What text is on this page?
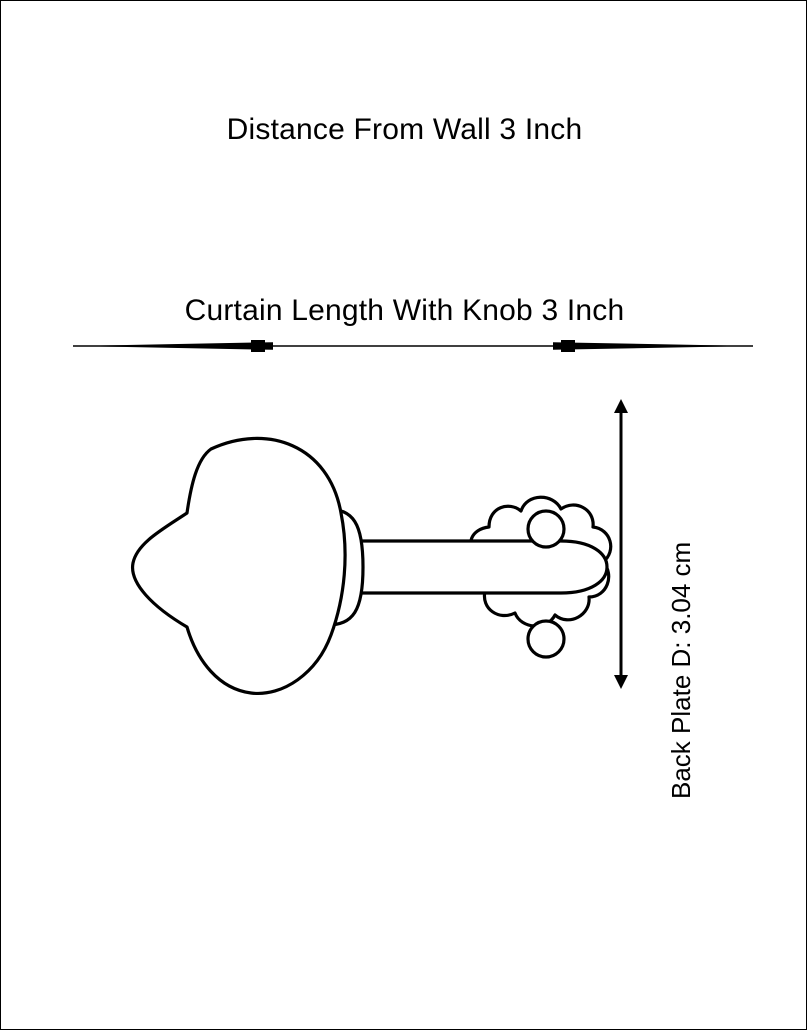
Distance From Wall 3 Inch
Curtain Length With Knob 3 Inch
Back Plate D: 3.04 cm
